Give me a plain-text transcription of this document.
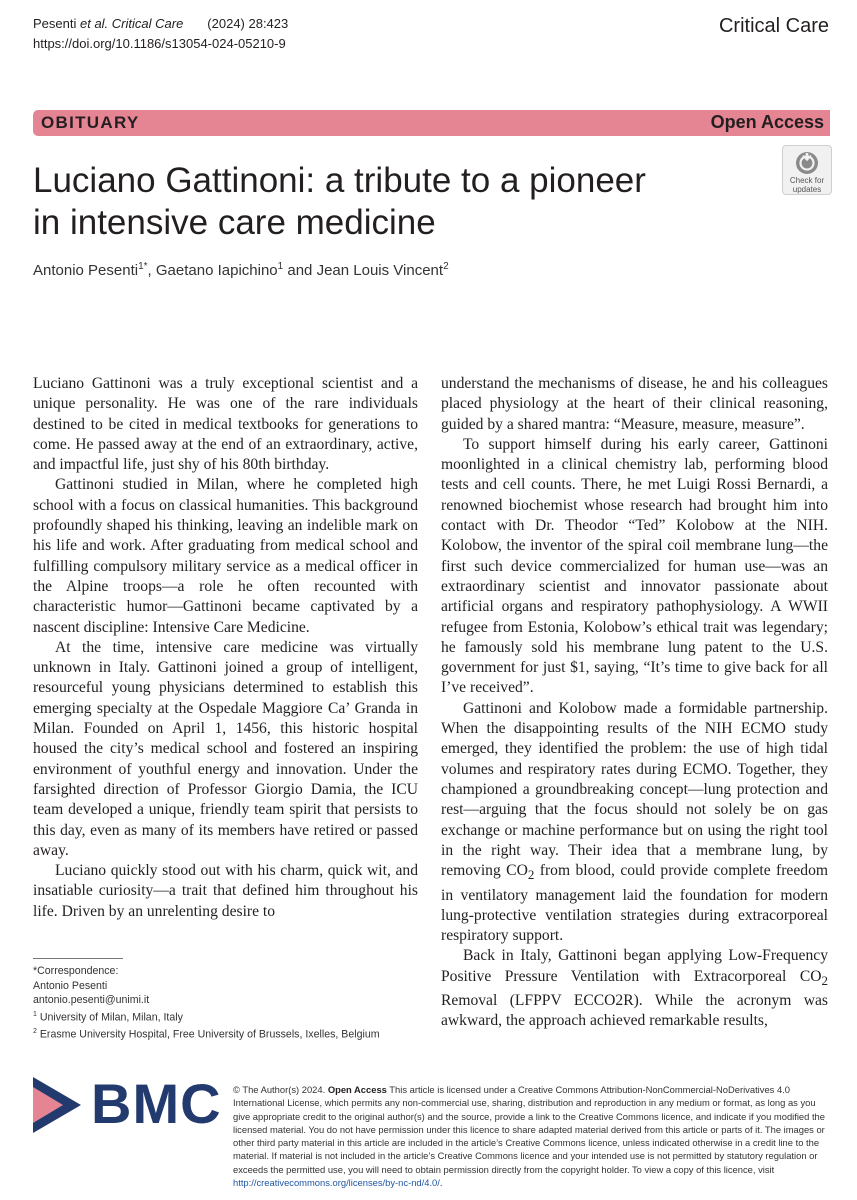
Pesenti et al. Critical Care (2024) 28:423
https://doi.org/10.1186/s13054-024-05210-9
Critical Care
OBITUARY	Open Access
Check for
updates
Luciano Gattinoni: a tribute to a pioneer
in intensive care medicine
Antonio Pesenti$^{1*}$, Gaetano Iapichino$^1$ and Jean Louis Vincent$^2$

Luciano Gattinoni was a truly exceptional scientist and a unique personality. He was one of the rare individuals destined to be cited in medical textbooks for generations to come. He passed away at the end of an extraordinary, active, and impactful life, just shy of his 80th birthday.

Gattinoni studied in Milan, where he completed high school with a focus on classical humanities. This background profoundly shaped his thinking, leaving an indelible mark on his life and work. After graduating from medical school and fulfilling compulsory military service as a medical officer in the Alpine troops—a role he often recounted with characteristic humor—Gattinoni became captivated by a nascent discipline: Intensive Care Medicine.

At the time, intensive care medicine was virtually unknown in Italy. Gattinoni joined a group of intelligent, resourceful young physicians determined to establish this emerging specialty at the Ospedale Maggiore Ca’ Granda in Milan. Founded on April 1, 1456, this historic hospital housed the city’s medical school and fostered an inspiring environment of youthful energy and innovation. Under the farsighted direction of Professor Giorgio Damia, the ICU team developed a unique, friendly team spirit that persists to this day, even as many of its members have retired or passed away.

Luciano quickly stood out with his charm, quick wit, and insatiable curiosity—a trait that defined him throughout his life. Driven by an unrelenting desire to

understand the mechanisms of disease, he and his colleagues placed physiology at the heart of their clinical reasoning, guided by a shared mantra: “Measure, measure, measure”.

To support himself during his early career, Gattinoni moonlighted in a clinical chemistry lab, performing blood tests and cell counts. There, he met Luigi Rossi Bernardi, a renowned biochemist whose research had brought him into contact with Dr. Theodor “Ted” Kolobow at the NIH. Kolobow, the inventor of the spiral coil membrane lung—the first such device commercialized for human use—was an extraordinary scientist and innovator passionate about artificial organs and respiratory pathophysiology. A WWII refugee from Estonia, Kolobow’s ethical trait was legendary; he famously sold his membrane lung patent to the U.S. government for just $1, saying, “It’s time to give back for all I’ve received”.

Gattinoni and Kolobow made a formidable partnership. When the disappointing results of the NIH ECMO study emerged, they identified the problem: the use of high tidal volumes and respiratory rates during ECMO. Together, they championed a groundbreaking concept—lung protection and rest—arguing that the focus should not solely be on gas exchange or machine performance but on using the right tool in the right way. Their idea that a membrane lung, by removing $CO_2$ from blood, could provide complete freedom in ventilatory management laid the foundation for modern lung-protective ventilation strategies during extracorporeal respiratory support.

Back in Italy, Gattinoni began applying Low-Frequency Positive Pressure Ventilation with Extracorporeal $CO_2$ Removal (LFPPV ECCO2R). While the acronym was awkward, the approach achieved remarkable results,

*Correspondence:
Antonio Pesenti
antonio.pesenti@unimi.it
$^1$ University of Milan, Milan, Italy
$^2$ Erasme University Hospital, Free University of Brussels, Ixelles, Belgium
BMC © The Author(s) 2024. Open Access This article is licensed under a Creative Commons Attribution-NonCommercial-NoDerivatives 4.0 International License, which permits any non-commercial use, sharing, distribution and reproduction in any medium or format, as long as you give appropriate credit to the original author(s) and the source, provide a link to the Creative Commons licence, and indicate if you modified the licensed material. You do not have permission under this licence to share adapted material derived from this article or parts of it. The images or other third party material in this article are included in the article’s Creative Commons licence, unless indicated otherwise in a credit line to the material. If material is not included in the article’s Creative Commons licence and your intended use is not permitted by statutory regulation or exceeds the permitted use, you will need to obtain permission directly from the copyright holder. To view a copy of this licence, visit http://creativecommons.org/licenses/by-nc-nd/4.0/.
